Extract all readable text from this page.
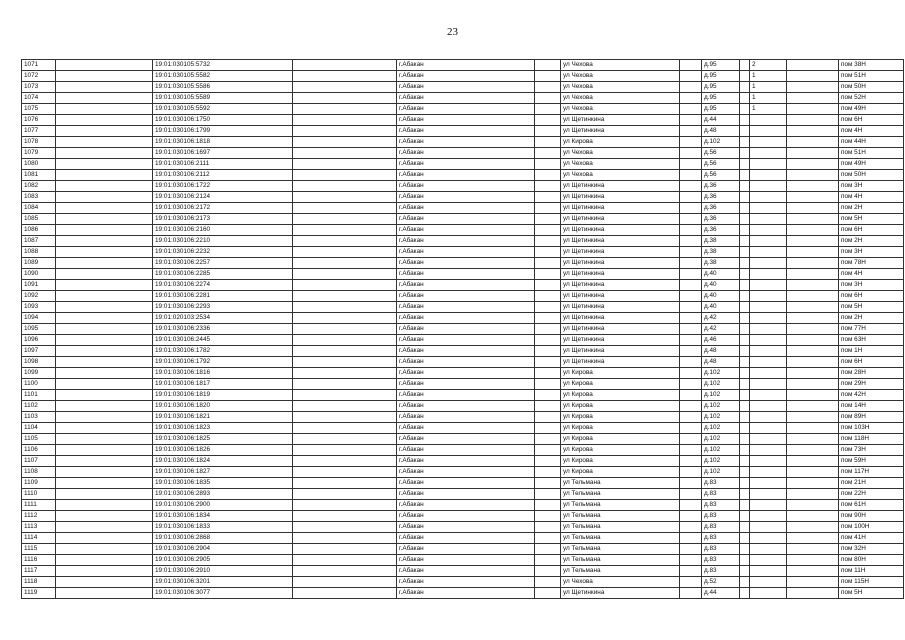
23
1071		19:01:030105:5732		г.Абакан		ул Чехова		д.95		2		пом 38Н
1072		19:01:030105:5582		г.Абакан		ул Чехова		д.95		1		пом 51Н
1073		19:01:030105:5586		г.Абакан		ул Чехова		д.95		1		пом 50Н
1074		19:01:030105:5589		г.Абакан		ул Чехова		д.95		1		пом 52Н
1075		19:01:030105:5592		г.Абакан		ул Чехова		д.95		1		пом 49Н
1076		19:01:030106:1750		г.Абакан		ул Щетинкина		д.44				пом 6Н
1077		19:01:030106:1799		г.Абакан		ул Щетинкина		д.48				пом 4Н
1078		19:01:030106:1818		г.Абакан		ул Кирова		д.102				пом 44Н
1079		19:01:030106:1697		г.Абакан		ул Чехова		д.56				пом 51Н
1080		19:01:030106:2111		г.Абакан		ул Чехова		д.56				пом 49Н
1081		19:01:030106:2112		г.Абакан		ул Чехова		д.56				пом 50Н
1082		19:01:030106:1722		г.Абакан		ул Щетинкина		д.36				пом 3Н
1083		19:01:030106:2124		г.Абакан		ул Щетинкина		д.36				пом 4Н
1084		19:01:030106:2172		г.Абакан		ул Щетинкина		д.36				пом 2Н
1085		19:01:030106:2173		г.Абакан		ул Щетинкина		д.36				пом 5Н
1086		19:01:030106:2160		г.Абакан		ул Щетинкина		д.36				пом 6Н
1087		19:01:030106:2210		г.Абакан		ул Щетинкина		д.38				пом 2Н
1088		19:01:030106:2232		г.Абакан		ул Щетинкина		д.38				пом 3Н
1089		19:01:030106:2257		г.Абакан		ул Щетинкина		д.38				пом 78Н
1090		19:01:030106:2285		г.Абакан		ул Щетинкина		д.40				пом 4Н
1091		19:01:030106:2274		г.Абакан		ул Щетинкина		д.40				пом 3Н
1092		19:01:030106:2281		г.Абакан		ул Щетинкина		д.40				пом 6Н
1093		19:01:030106:2293		г.Абакан		ул Щетинкина		д.40				пом 5Н
1094		19:01:020103:2534		г.Абакан		ул Щетинкина		д.42				пом 2Н
1095		19:01:030106:2336		г.Абакан		ул Щетинкина		д.42				пом 77Н
1096		19:01:030106:2445		г.Абакан		ул Щетинкина		д.46				пом 63Н
1097		19:01:030106:1782		г.Абакан		ул Щетинкина		д.48				пом 1Н
1098		19:01:030106:1792		г.Абакан		ул Щетинкина		д.48				пом 6Н
1099		19:01:030106:1816		г.Абакан		ул Кирова		д.102				пом 28Н
1100		19:01:030106:1817		г.Абакан		ул Кирова		д.102				пом 29Н
1101		19:01:030106:1819		г.Абакан		ул Кирова		д.102				пом 42Н
1102		19:01:030106:1820		г.Абакан		ул Кирова		д.102				пом 14Н
1103		19:01:030106:1821		г.Абакан		ул Кирова		д.102				пом 89Н
1104		19:01:030106:1823		г.Абакан		ул Кирова		д.102				пом 103Н
1105		19:01:030106:1825		г.Абакан		ул Кирова		д.102				пом 118Н
1106		19:01:030106:1826		г.Абакан		ул Кирова		д.102				пом 73Н
1107		19:01:030106:1824		г.Абакан		ул Кирова		д.102				пом 59Н
1108		19:01:030106:1827		г.Абакан		ул Кирова		д.102				пом 117Н
1109		19:01:030106:1835		г.Абакан		ул Тельмана		д.83				пом 21Н
1110		19:01:030106:2893		г.Абакан		ул Тельмана		д.83				пом 22Н
1111		19:01:030106:2900		г.Абакан		ул Тельмана		д.83				пом 61Н
1112		19:01:030106:1834		г.Абакан		ул Тельмана		д.83				пом 90Н
1113		19:01:030106:1833		г.Абакан		ул Тельмана		д.83				пом 100Н
1114		19:01:030106:2868		г.Абакан		ул Тельмана		д.83				пом 41Н
1115		19:01:030106:2904		г.Абакан		ул Тельмана		д.83				пом 32Н
1116		19:01:030106:2905		г.Абакан		ул Тельмана		д.83				пом 80Н
1117		19:01:030106:2910		г.Абакан		ул Тельмана		д.83				пом 11Н
1118		19:01:030106:3201		г.Абакан		ул Чехова		д.52				пом 115Н
1119		19:01:030106:3077		г.Абакан		ул Щетинкина		д.44				пом 5Н
